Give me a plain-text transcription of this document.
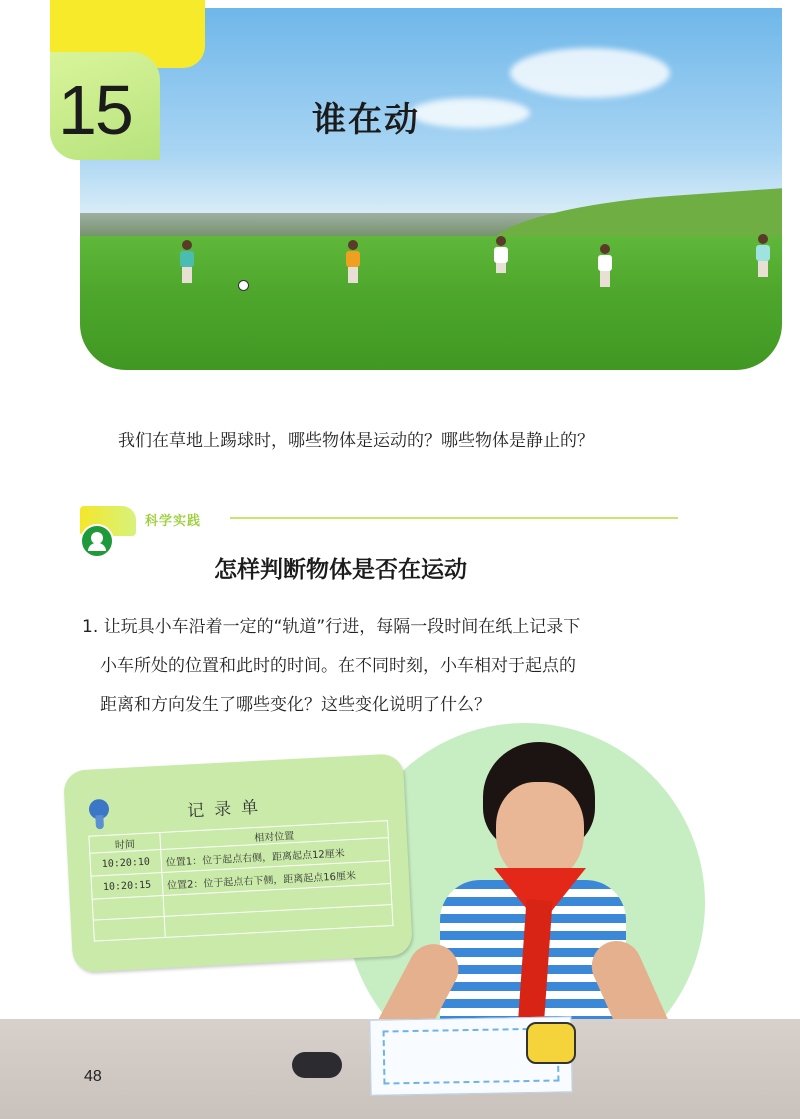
15	谁在动
我们在草地上踢球时，哪些物体是运动的？哪些物体是静止的？
科学实践
怎样判断物体是否在运动
1. 让玩具小车沿着一定的“轨道”行进，每隔一段时间在纸上记录下
小车所处的位置和此时的时间。在不同时刻，小车相对于起点的
距离和方向发生了哪些变化？这些变化说明了什么？
记录单
时间	相对位置
10:20:10	位置1：位于起点右侧，距离起点12厘米
10:20:15	位置2：位于起点右下侧，距离起点16厘米

48
